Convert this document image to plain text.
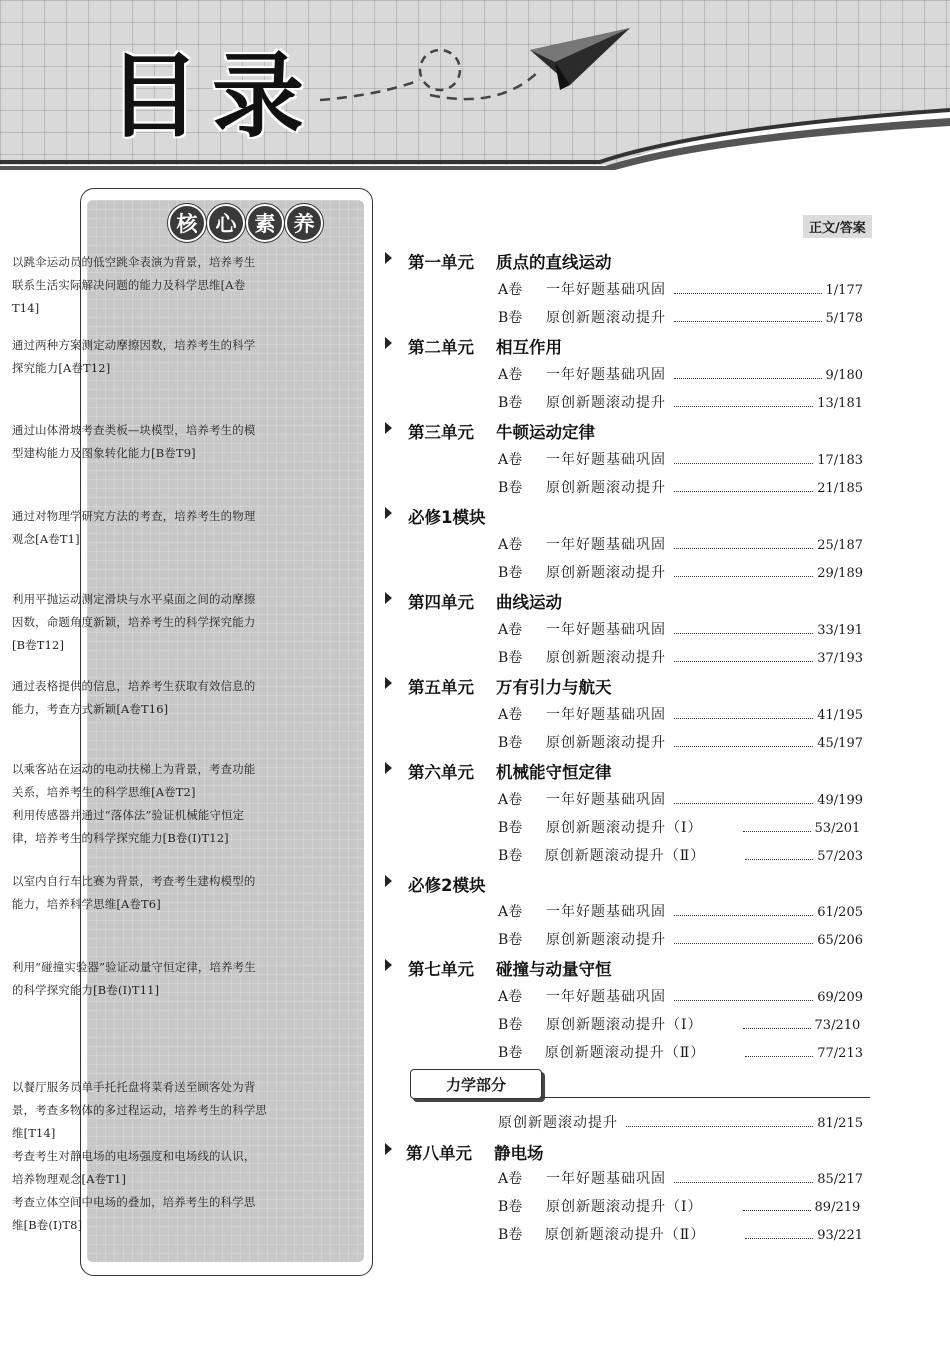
目录
核 心 素 养
以跳伞运动员的低空跳伞表演为背景，培养考生
联系生活实际解决问题的能力及科学思维[A卷
T14]
通过两种方案测定动摩擦因数，培养考生的科学
探究能力[A卷T12]
通过山体滑坡考查类板—块模型，培养考生的模
型建构能力及图象转化能力[B卷T9]
通过对物理学研究方法的考查，培养考生的物理
观念[A卷T1]
利用平抛运动测定滑块与水平桌面之间的动摩擦
因数，命题角度新颖，培养考生的科学探究能力
[B卷T12]
通过表格提供的信息，培养考生获取有效信息的
能力，考查方式新颖[A卷T16]
以乘客站在运动的电动扶梯上为背景，考查功能
关系，培养考生的科学思维[A卷T2]
利用传感器并通过“落体法”验证机械能守恒定
律，培养考生的科学探究能力[B卷(Ⅰ)T12]
以室内自行车比赛为背景，考查考生建构模型的
能力，培养科学思维[A卷T6]
利用“碰撞实验器”验证动量守恒定律，培养考生
的科学探究能力[B卷(Ⅰ)T11]
以餐厅服务员单手托托盘将菜肴送至顾客处为背
景，考查多物体的多过程运动，培养考生的科学思
维[T14]
考查考生对静电场的电场强度和电场线的认识，
培养物理观念[A卷T1]
考查立体空间中电场的叠加，培养考生的科学思
维[B卷(Ⅰ)T8]
正文/答案
第一单元 质点的直线运动
A卷	一年好题基础巩固	1/177
B卷	原创新题滚动提升	5/178
第二单元 相互作用
A卷	一年好题基础巩固	9/180
B卷	原创新题滚动提升	13/181
第三单元 牛顿运动定律
A卷	一年好题基础巩固	17/183
B卷	原创新题滚动提升	21/185
必修1模块
A卷	一年好题基础巩固	25/187
B卷	原创新题滚动提升	29/189
第四单元 曲线运动
A卷	一年好题基础巩固	33/191
B卷	原创新题滚动提升	37/193
第五单元 万有引力与航天
A卷	一年好题基础巩固	41/195
B卷	原创新题滚动提升	45/197
第六单元 机械能守恒定律
A卷	一年好题基础巩固	49/199
B卷	原创新题滚动提升（Ⅰ）	53/201
B卷	原创新题滚动提升（Ⅱ）	57/203
必修2模块
A卷	一年好题基础巩固	61/205
B卷	原创新题滚动提升	65/206
第七单元 碰撞与动量守恒
A卷	一年好题基础巩固	69/209
B卷	原创新题滚动提升（Ⅰ）	73/210
B卷	原创新题滚动提升（Ⅱ）	77/213
力学部分
原创新题滚动提升	81/215
第八单元 静电场
A卷	一年好题基础巩固	85/217
B卷	原创新题滚动提升（Ⅰ）	89/219
B卷	原创新题滚动提升（Ⅱ）	93/221
